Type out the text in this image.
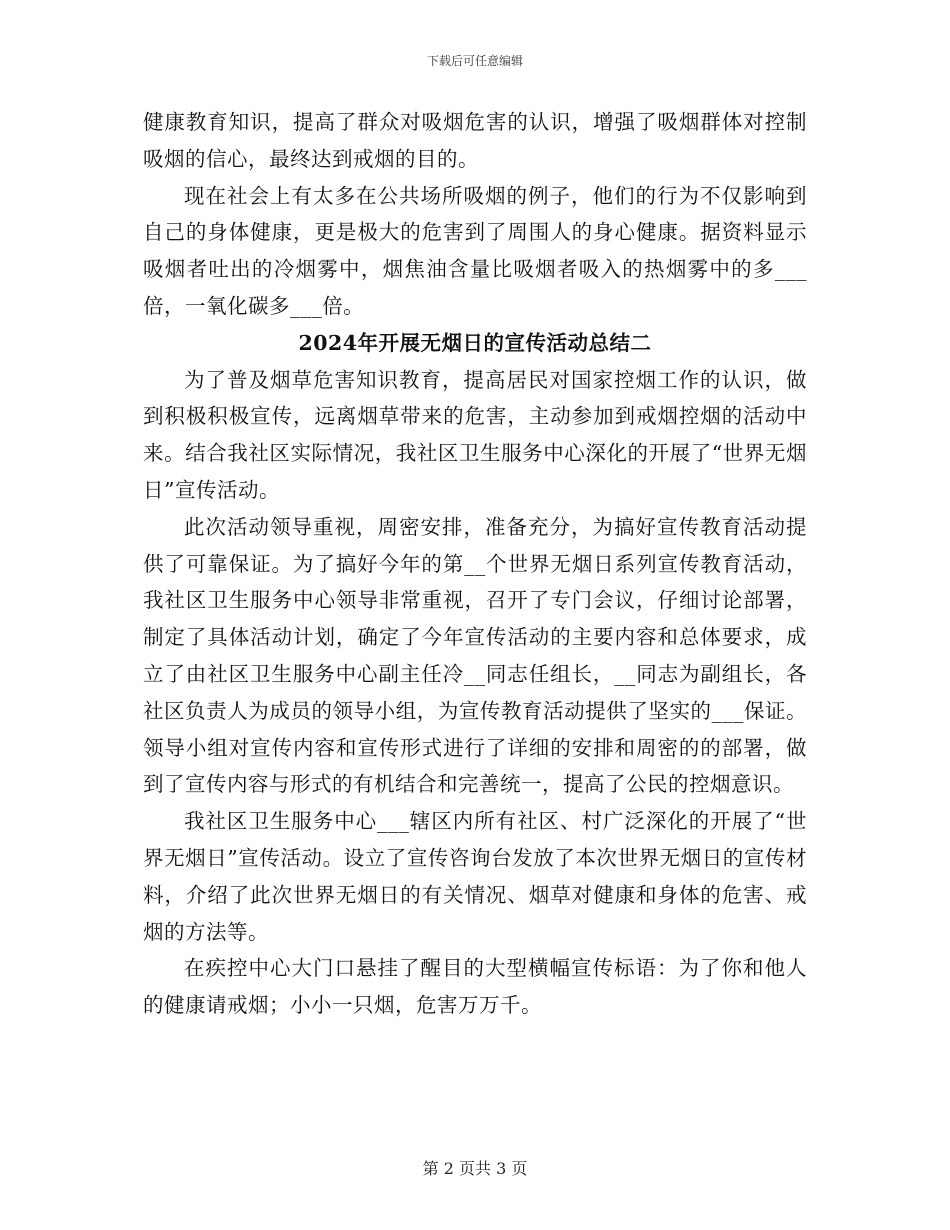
下载后可任意编辑

健康教育知识，提高了群众对吸烟危害的认识，增强了吸烟群体对控制吸烟的信心，最终达到戒烟的目的。

现在社会上有太多在公共场所吸烟的例子，他们的行为不仅影响到自己的身体健康，更是极大的危害到了周围人的身心健康。据资料显示吸烟者吐出的冷烟雾中，烟焦油含量比吸烟者吸入的热烟雾中的多___倍，一氧化碳多___倍。

2024年开展无烟日的宣传活动总结二

为了普及烟草危害知识教育，提高居民对国家控烟工作的认识，做到积极积极宣传，远离烟草带来的危害，主动参加到戒烟控烟的活动中来。结合我社区实际情况，我社区卫生服务中心深化的开展了“世界无烟日”宣传活动。

此次活动领导重视，周密安排，准备充分，为搞好宣传教育活动提供了可靠保证。为了搞好今年的第__个世界无烟日系列宣传教育活动，我社区卫生服务中心领导非常重视，召开了专门会议，仔细讨论部署，制定了具体活动计划，确定了今年宣传活动的主要内容和总体要求，成立了由社区卫生服务中心副主任冷__同志任组长，__同志为副组长，各社区负责人为成员的领导小组，为宣传教育活动提供了坚实的___保证。领导小组对宣传内容和宣传形式进行了详细的安排和周密的的部署，做到了宣传内容与形式的有机结合和完善统一，提高了公民的控烟意识。

我社区卫生服务中心___辖区内所有社区、村广泛深化的开展了“世界无烟日”宣传活动。设立了宣传咨询台发放了本次世界无烟日的宣传材料，介绍了此次世界无烟日的有关情况、烟草对健康和身体的危害、戒烟的方法等。

在疾控中心大门口悬挂了醒目的大型横幅宣传标语：为了你和他人的健康请戒烟；小小一只烟，危害万万千。

第 2 页共 3 页
